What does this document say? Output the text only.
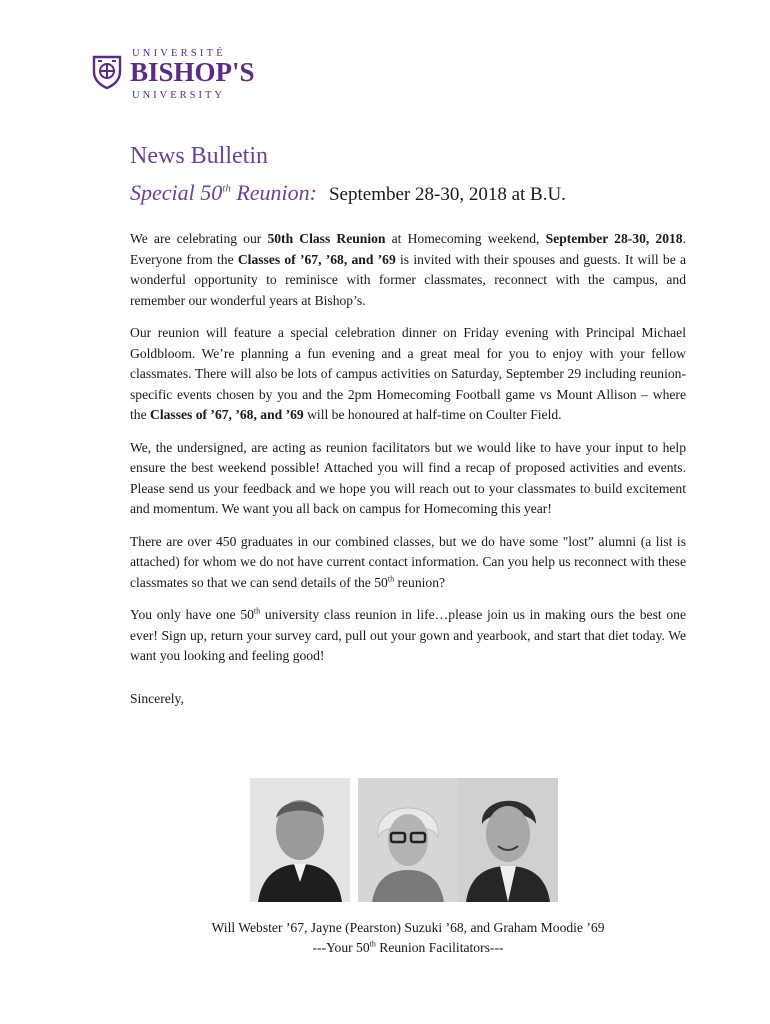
UNIVERSITÉ
BISHOP'S
UNIVERSITY
News Bulletin
Special 50th Reunion: September 28-30, 2018 at B.U.

We are celebrating our 50th Class Reunion at Homecoming weekend, September 28-30, 2018. Everyone from the Classes of ’67, ’68, and ’69 is invited with their spouses and guests. It will be a wonderful opportunity to reminisce with former classmates, reconnect with the campus, and remember our wonderful years at Bishop’s.

Our reunion will feature a special celebration dinner on Friday evening with Principal Michael Goldbloom. We’re planning a fun evening and a great meal for you to enjoy with your fellow classmates. There will also be lots of campus activities on Saturday, September 29 including reunion-specific events chosen by you and the 2pm Homecoming Football game vs Mount Allison – where the Classes of ’67, ’68, and ’69 will be honoured at half-time on Coulter Field.

We, the undersigned, are acting as reunion facilitators but we would like to have your input to help ensure the best weekend possible! Attached you will find a recap of proposed activities and events. Please send us your feedback and we hope you will reach out to your classmates to build excitement and momentum. We want you all back on campus for Homecoming this year!

There are over 450 graduates in our combined classes, but we do have some "lost” alumni (a list is attached) for whom we do not have current contact information. Can you help us reconnect with these classmates so that we can send details of the 50th reunion?

You only have one 50th university class reunion in life…please join us in making ours the best one ever! Sign up, return your survey card, pull out your gown and yearbook, and start that diet today. We want you looking and feeling good!

Sincerely,

Will Webster ’67, Jayne (Pearston) Suzuki ’68, and Graham Moodie ’69
---Your 50th Reunion Facilitators---
